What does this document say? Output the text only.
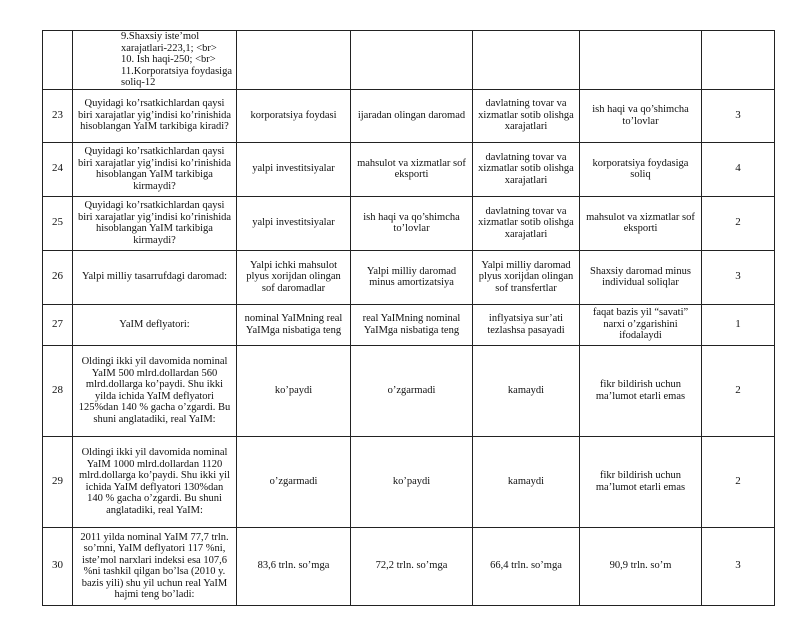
	9.Shaxsiy iste’mol xarajatlari-223,1; <br> 10. Ish haqi-250; <br> 11.Korporatsiya foydasiga soliq-12					
23	Quyidagi ko’rsatkichlardan qaysi biri xarajatlar yig’indisi ko’rinishida hisoblangan YaIM tarkibiga kiradi?	korporatsiya foydasi	ijaradan olingan daromad	davlatning tovar va xizmatlar sotib olishga xarajatlari	ish haqi va qo’shimcha to’lovlar	3
24	Quyidagi ko’rsatkichlardan qaysi biri xarajatlar yig’indisi ko’rinishida hisoblangan YaIM tarkibiga kirmaydi?	yalpi investitsiyalar	mahsulot va xizmatlar sof eksporti	davlatning tovar va xizmatlar sotib olishga xarajatlari	korporatsiya foydasiga soliq	4
25	Quyidagi ko’rsatkichlardan qaysi biri xarajatlar yig’indisi ko’rinishida hisoblangan YaIM tarkibiga kirmaydi?	yalpi investitsiyalar	ish haqi va qo’shimcha to’lovlar	davlatning tovar va xizmatlar sotib olishga xarajatlari	mahsulot va xizmatlar sof eksporti	2
26	Yalpi milliy tasarrufdagi daromad:	Yalpi ichki mahsulot plyus xorijdan olingan sof daromadlar	Yalpi milliy daromad minus amortizatsiya	Yalpi milliy daromad plyus xorijdan olingan sof transfertlar	Shaxsiy daromad minus individual soliqlar	3
27	YaIM deflyatori:	nominal YaIMning real YaIMga nisbatiga teng	real YaIMning nominal YaIMga nisbatiga teng	inflyatsiya sur’ati tezlashsa pasayadi	faqat bazis yil “savati” narxi o’zgarishini ifodalaydi	1
28	Oldingi ikki yil davomida nominal YaIM 500 mlrd.dollardan 560 mlrd.dollarga ko’paydi. Shu ikki yilda ichida YaIM deflyatori 125%dan 140 % gacha o’zgardi. Bu shuni anglatadiki, real YaIM:	ko’paydi	o’zgarmadi	kamaydi	fikr bildirish uchun ma’lumot etarli emas	2
29	Oldingi ikki yil davomida nominal YaIM 1000 mlrd.dollardan 1120 mlrd.dollarga ko’paydi. Shu ikki yil ichida YaIM deflyatori 130%dan 140 % gacha o’zgardi. Bu shuni anglatadiki, real YaIM:	o’zgarmadi	ko’paydi	kamaydi	fikr bildirish uchun ma’lumot etarli emas	2
30	2011 yilda nominal YaIM 77,7 trln. so’mni, YaIM deflyatori 117 %ni, iste’mol narxlari indeksi esa 107,6 %ni tashkil qilgan bo’lsa (2010 y. bazis yili) shu yil uchun real YaIM hajmi teng bo’ladi:	83,6 trln. so’mga	72,2 trln. so’mga	66,4 trln. so’mga	90,9 trln. so’m	3
